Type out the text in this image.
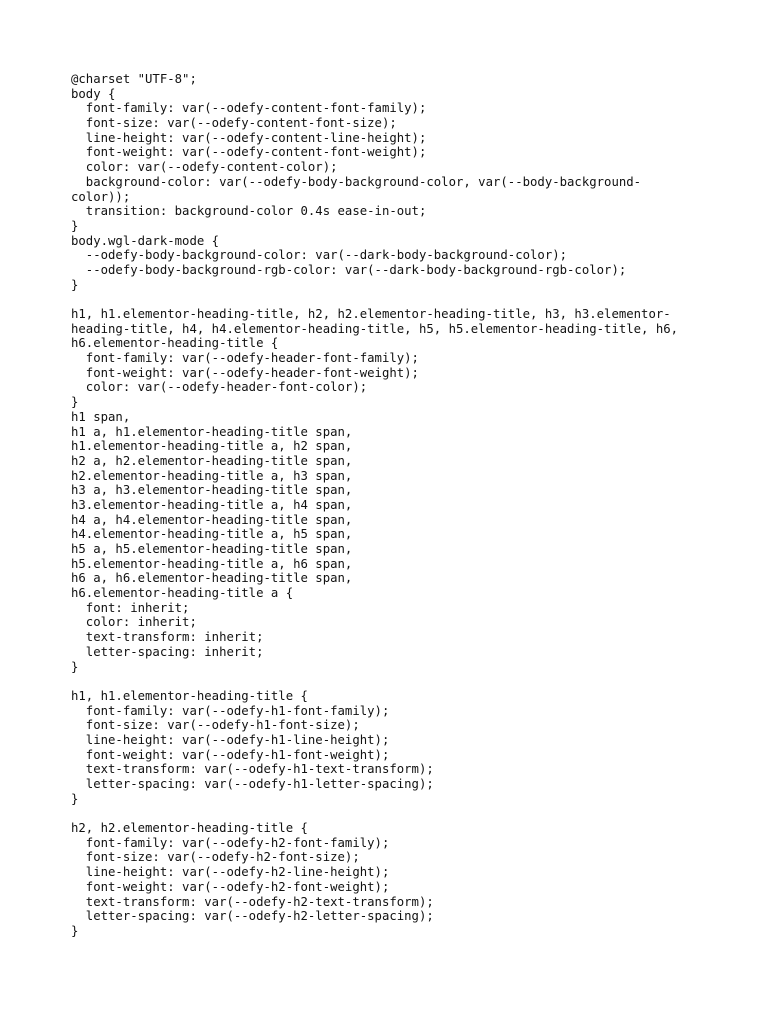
@charset "UTF-8";
body {
font-family: var(--odefy-content-font-family);
font-size: var(--odefy-content-font-size);
line-height: var(--odefy-content-line-height);
font-weight: var(--odefy-content-font-weight);
color: var(--odefy-content-color);
background-color: var(--odefy-body-background-color, var(--body-background-
color));
transition: background-color 0.4s ease-in-out;
}
body.wgl-dark-mode {
--odefy-body-background-color: var(--dark-body-background-color);
--odefy-body-background-rgb-color: var(--dark-body-background-rgb-color);
}
h1, h1.elementor-heading-title, h2, h2.elementor-heading-title, h3, h3.elementor-
heading-title, h4, h4.elementor-heading-title, h5, h5.elementor-heading-title, h6,
h6.elementor-heading-title {
font-family: var(--odefy-header-font-family);
font-weight: var(--odefy-header-font-weight);
color: var(--odefy-header-font-color);
}
h1 span,
h1 a, h1.elementor-heading-title span,
h1.elementor-heading-title a, h2 span,
h2 a, h2.elementor-heading-title span,
h2.elementor-heading-title a, h3 span,
h3 a, h3.elementor-heading-title span,
h3.elementor-heading-title a, h4 span,
h4 a, h4.elementor-heading-title span,
h4.elementor-heading-title a, h5 span,
h5 a, h5.elementor-heading-title span,
h5.elementor-heading-title a, h6 span,
h6 a, h6.elementor-heading-title span,
h6.elementor-heading-title a {
font: inherit;
color: inherit;
text-transform: inherit;
letter-spacing: inherit;
}
h1, h1.elementor-heading-title {
font-family: var(--odefy-h1-font-family);
font-size: var(--odefy-h1-font-size);
line-height: var(--odefy-h1-line-height);
font-weight: var(--odefy-h1-font-weight);
text-transform: var(--odefy-h1-text-transform);
letter-spacing: var(--odefy-h1-letter-spacing);
}
h2, h2.elementor-heading-title {
font-family: var(--odefy-h2-font-family);
font-size: var(--odefy-h2-font-size);
line-height: var(--odefy-h2-line-height);
font-weight: var(--odefy-h2-font-weight);
text-transform: var(--odefy-h2-text-transform);
letter-spacing: var(--odefy-h2-letter-spacing);
}
